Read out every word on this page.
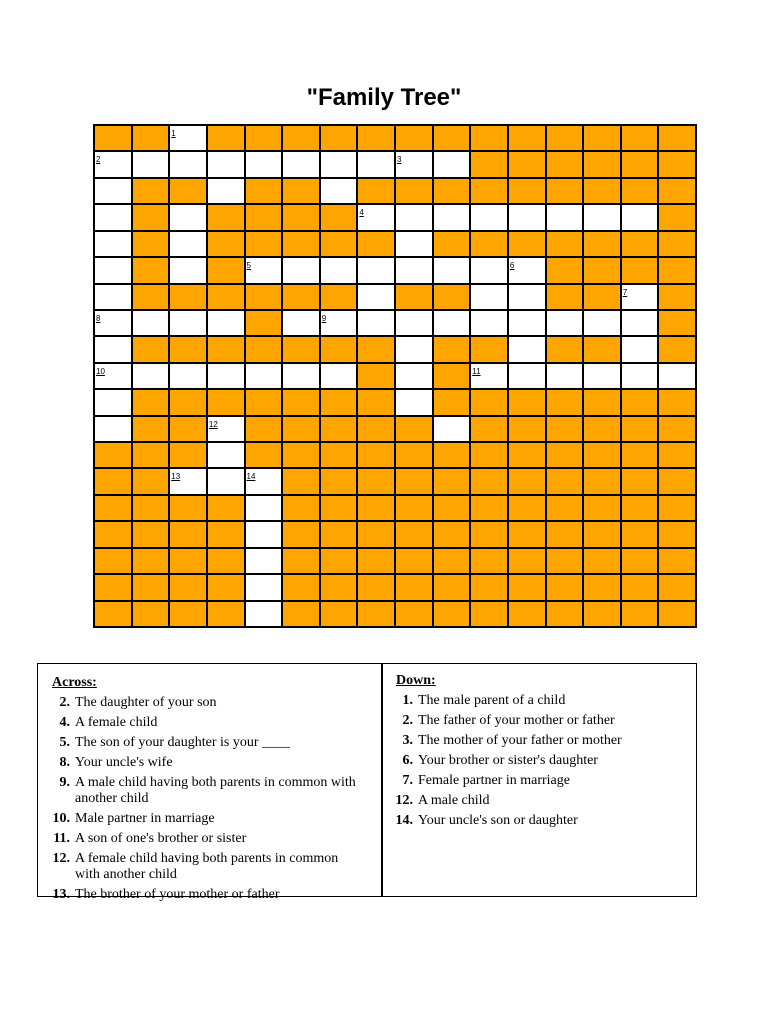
"Family Tree"
1
2	3
4
5	6
7
8	9
10	11
12
13	14
Across:
2. The daughter of your son
4. A female child
5. The son of your daughter is your ____
8. Your uncle's wife
9. A male child having both parents in common with another child
10. Male partner in marriage
11. A son of one's brother or sister
12. A female child having both parents in common with another child
13. The brother of your mother or father
Down:
1. The male parent of a child
2. The father of your mother or father
3. The mother of your father or mother
6. Your brother or sister's daughter
7. Female partner in marriage
12. A male child
14. Your uncle's son or daughter
